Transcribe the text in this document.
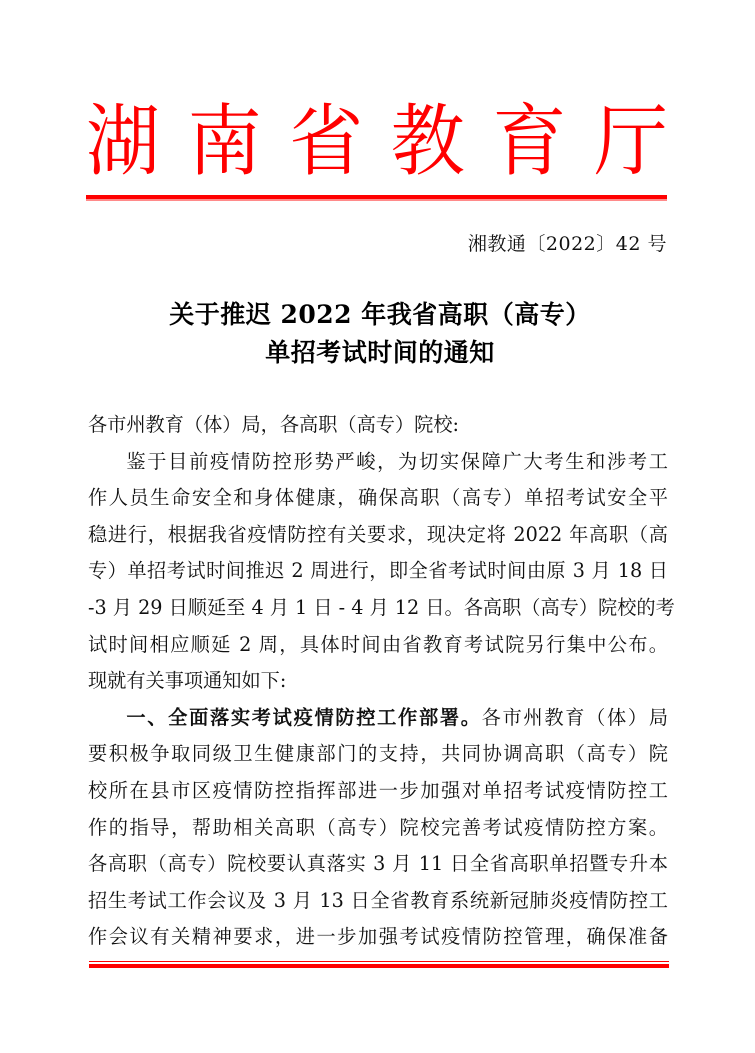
湖 南 省 教 育 厅
湘教通〔2022〕42 号
关于推迟 2022 年我省高职（高专）
单招考试时间的通知
各市州教育（体）局，各高职（高专）院校:
鉴于目前疫情防控形势严峻，为切实保障广大考生和涉考工
作人员生命安全和身体健康，确保高职（高专）单招考试安全平
稳进行，根据我省疫情防控有关要求，现决定将 2022 年高职（高
专）单招考试时间推迟 2 周进行，即全省考试时间由原 3 月 18 日
-3 月 29 日顺延至 4 月 1 日 - 4 月 12 日。各高职（高专）院校的考
试时间相应顺延 2 周，具体时间由省教育考试院另行集中公布。
现就有关事项通知如下:
一、全面落实考试疫情防控工作部署。各市州教育（体）局
要积极争取同级卫生健康部门的支持，共同协调高职（高专）院
校所在县市区疫情防控指挥部进一步加强对单招考试疫情防控工
作的指导，帮助相关高职（高专）院校完善考试疫情防控方案。
各高职（高专）院校要认真落实 3 月 11 日全省高职单招暨专升本
招生考试工作会议及 3 月 13 日全省教育系统新冠肺炎疫情防控工
作会议有关精神要求，进一步加强考试疫情防控管理，确保准备
